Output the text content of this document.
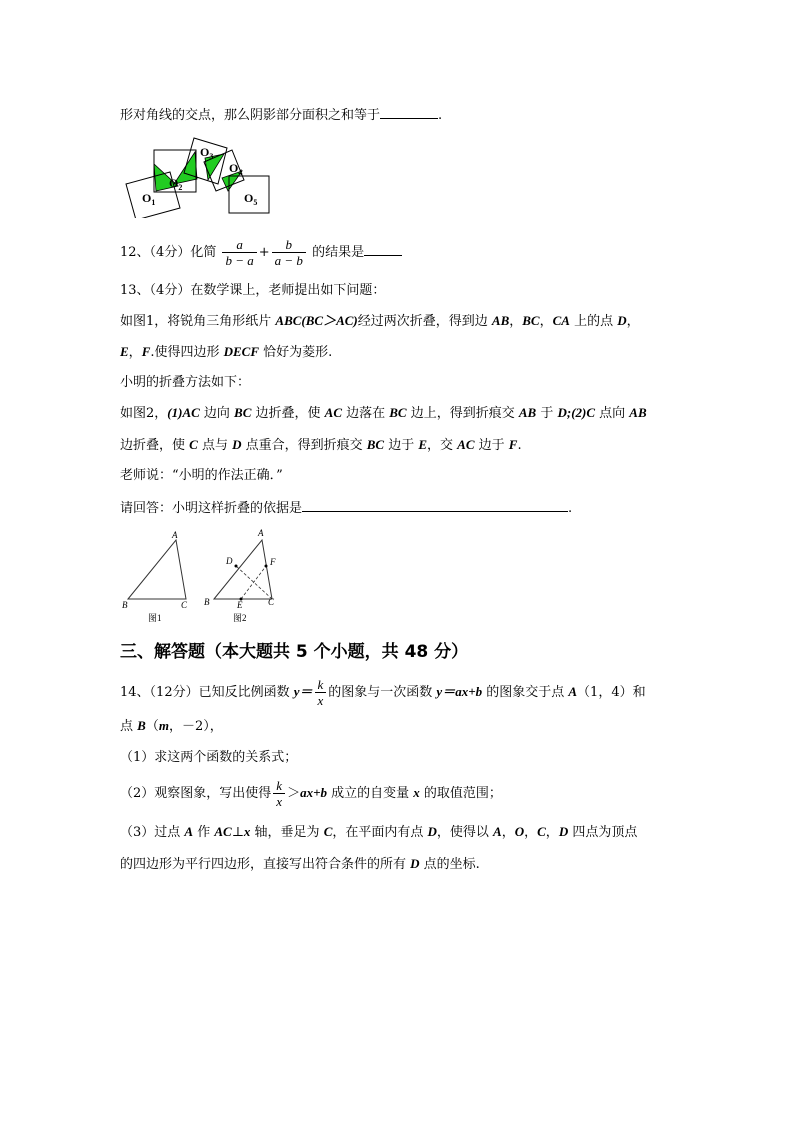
形对角线的交点，那么阴影部分面积之和等于	.
$O_1$
$O_2$
$O_3$
$O_4$
$O_5$
12、（4分）化简 $\frac{a}{b - a} + \frac{b}{a - b}$ 的结果是
13、（4分）在数学课上，老师提出如下问题：
如图1，将锐角三角形纸片 ABC(BC＞AC)经过两次折叠，得到边 AB，BC，CA 上的点 D，
E，F.使得四边形 DECF 恰好为菱形.
小明的折叠方法如下：
如图2，(1)AC 边向 BC 边折叠，使 AC 边落在 BC 边上，得到折痕交 AB 于 D;(2)C 点向 AB
边折叠，使 C 点与 D 点重合，得到折痕交 BC 边于 E，交 AC 边于 F.
老师说：“小明的作法正确．”
请回答：小明这样折叠的依据是	.
A
B	C
图1
A
D	F
B	E	C
图2
三、解答题（本大题共 5 个小题，共 48 分）
14、（12分）已知反比例函数 $y= \frac{k}{x}$ 的图象与一次函数 y＝ax+b 的图象交于点 A（1，4）和
点 B（m，－2），
（1）求这两个函数的关系式；
（2）观察图象，写出使得 $\frac{k}{x} >ax+b$ 成立的自变量 x 的取值范围；
（3）过点 A 作 AC⊥x 轴，垂足为 C，在平面内有点 D，使得以 A，O，C，D 四点为顶点
的四边形为平行四边形，直接写出符合条件的所有 D 点的坐标.
